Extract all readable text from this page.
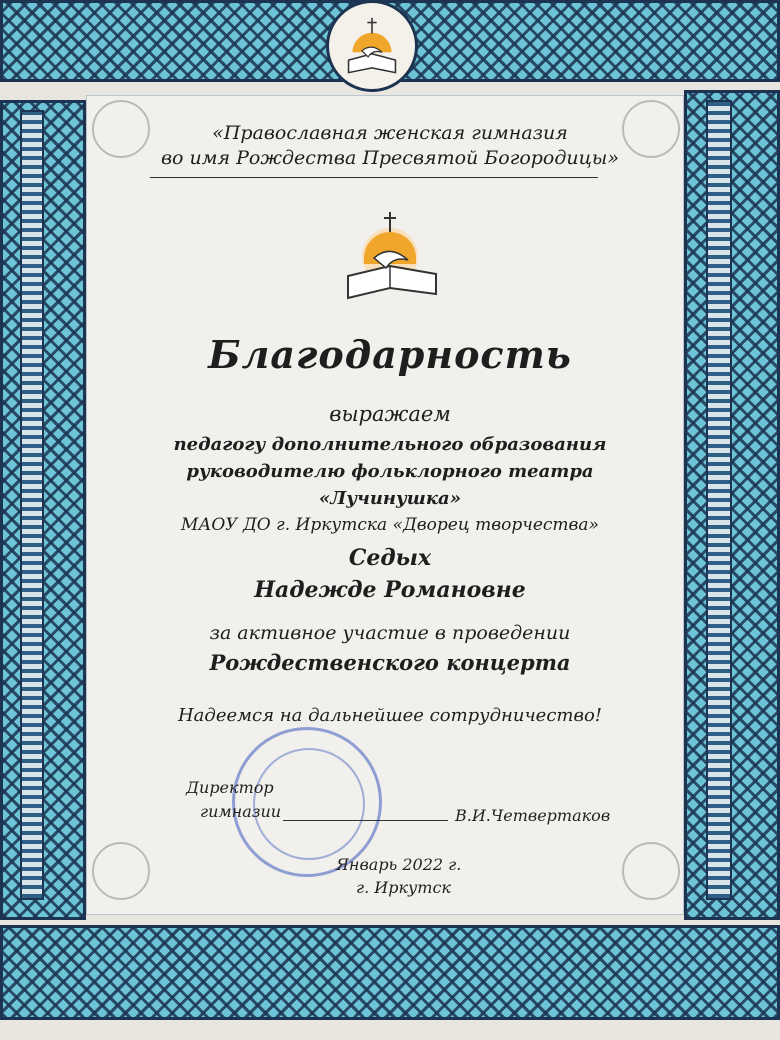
«Православная женская гимназия
во имя Рождества Пресвятой Богородицы»
Благодарность
выражаем
педагогу дополнительного образования
руководителю фольклорного театра
«Лучинушка»
МАОУ ДО г. Иркутска «Дворец творчества»
Седых
Надежде Романовне
за активное участие в проведении
Рождественского концерта
Надеемся на дальнейшее сотрудничество!
Директор
гимназии	В.И.Четвертаков
Январь 2022 г.
г. Иркутск
